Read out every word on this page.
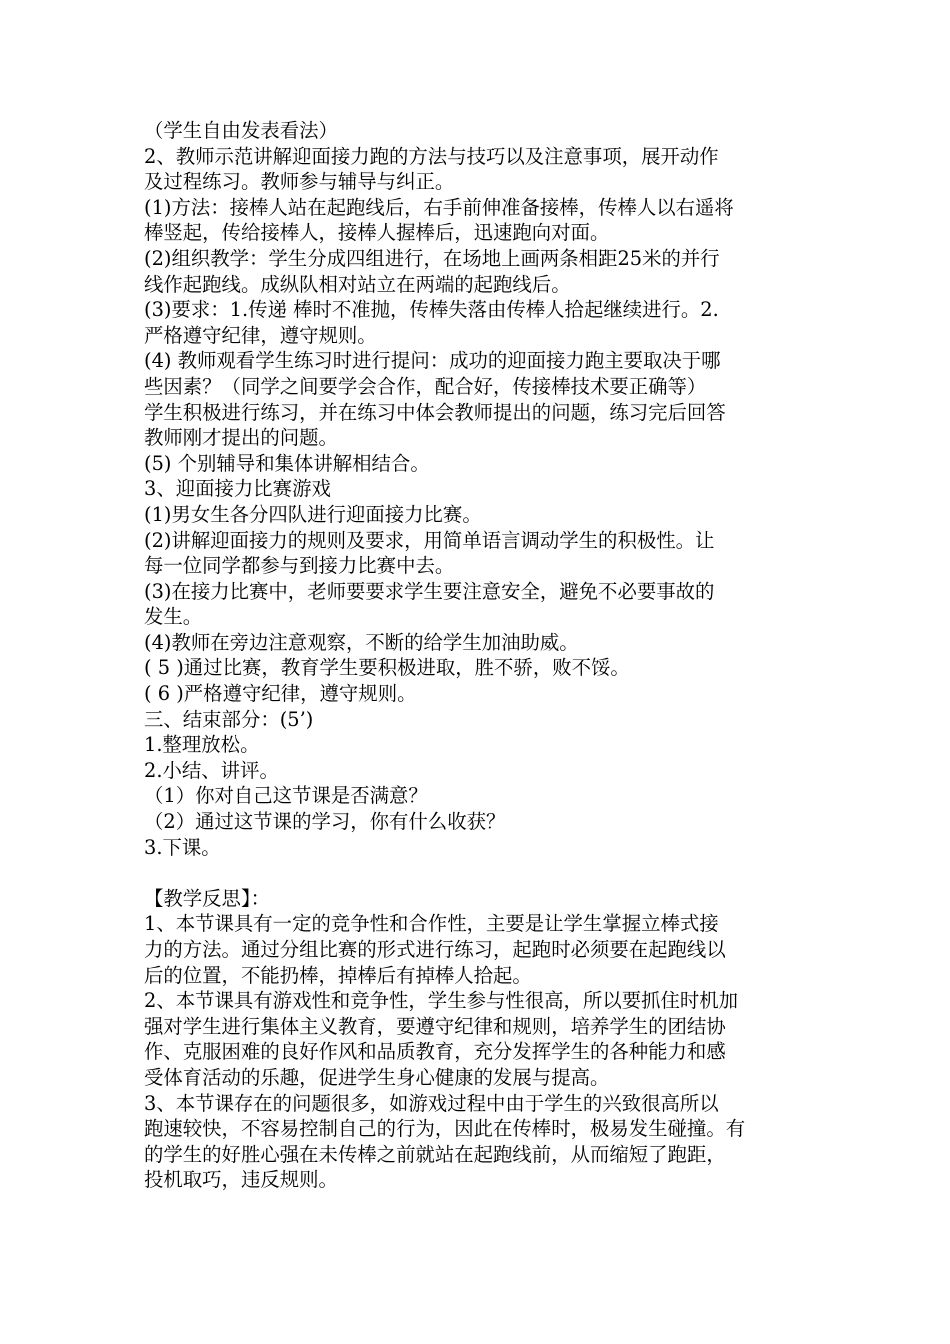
（学生自由发表看法）
2、教师示范讲解迎面接力跑的方法与技巧以及注意事项，展开动作
及过程练习。教师参与辅导与纠正。
(1)方法：接棒人站在起跑线后，右手前伸准备接棒，传棒人以右遥将
棒竖起，传给接棒人，接棒人握棒后，迅速跑向对面。
(2)组织教学：学生分成四组进行，在场地上画两条相距25米的并行
线作起跑线。成纵队相对站立在两端的起跑线后。
(3)要求：1.传递 棒时不准抛，传棒失落由传棒人拾起继续进行。2.
严格遵守纪律，遵守规则。
(4) 教师观看学生练习时进行提问：成功的迎面接力跑主要取决于哪
些因素？（同学之间要学会合作，配合好，传接棒技术要正确等）
学生积极进行练习，并在练习中体会教师提出的问题，练习完后回答
教师刚才提出的问题。
(5) 个别辅导和集体讲解相结合。
3、迎面接力比赛游戏
(1)男女生各分四队进行迎面接力比赛。
(2)讲解迎面接力的规则及要求，用简单语言调动学生的积极性。让
每一位同学都参与到接力比赛中去。
(3)在接力比赛中，老师要要求学生要注意安全，避免不必要事故的
发生。
(4)教师在旁边注意观察，不断的给学生加油助威。
( 5 )通过比赛，教育学生要积极进取，胜不骄，败不馁。
( 6 )严格遵守纪律，遵守规则。
三、结束部分：(5’)
1.整理放松。
2.小结、讲评。
（1）你对自己这节课是否满意？
（2）通过这节课的学习，你有什么收获？
3.下课。
【教学反思】：
1、本节课具有一定的竞争性和合作性，主要是让学生掌握立棒式接
力的方法。通过分组比赛的形式进行练习，起跑时必须要在起跑线以
后的位置，不能扔棒，掉棒后有掉棒人拾起。
2、本节课具有游戏性和竞争性，学生参与性很高，所以要抓住时机加
强对学生进行集体主义教育，要遵守纪律和规则，培养学生的团结协
作、克服困难的良好作风和品质教育，充分发挥学生的各种能力和感
受体育活动的乐趣，促进学生身心健康的发展与提高。
3、本节课存在的问题很多，如游戏过程中由于学生的兴致很高所以
跑速较快，不容易控制自己的行为，因此在传棒时，极易发生碰撞。有
的学生的好胜心强在未传棒之前就站在起跑线前，从而缩短了跑距，
投机取巧，违反规则。
